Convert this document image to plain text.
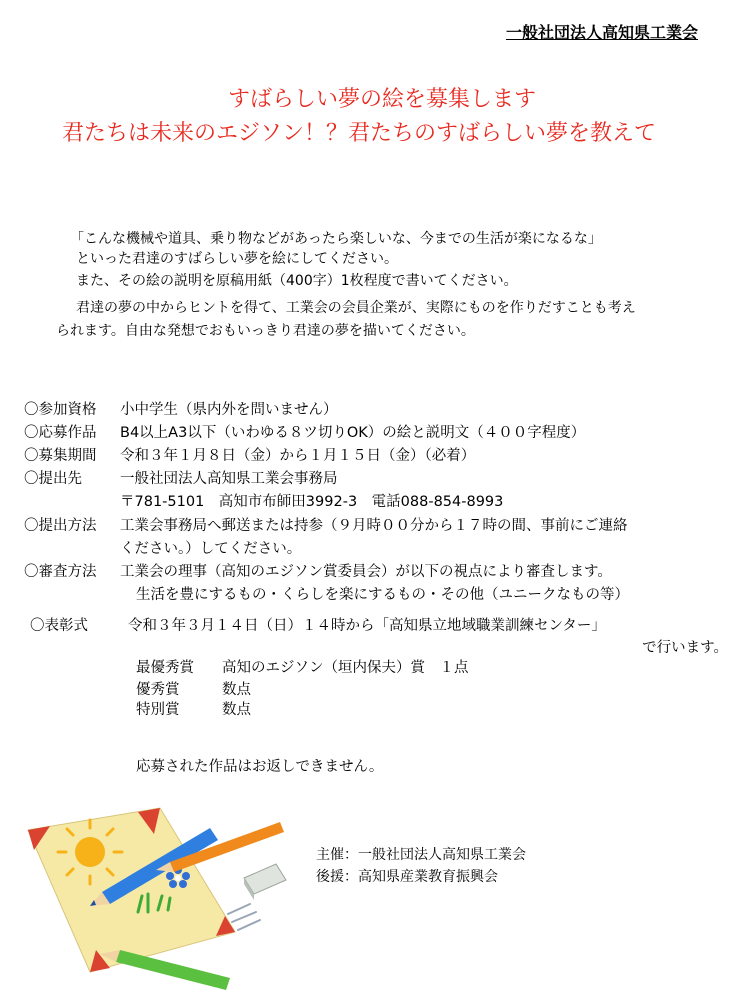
一般社団法人高知県工業会
すばらしい夢の絵を募集します
君たちは未来のエジソン！？君たちのすばらしい夢を教えて
「こんな機械や道具、乗り物などがあったら楽しいな、今までの生活が楽になるな」
といった君達のすばらしい夢を絵にしてください。
また、その絵の説明を原稿用紙（400字）1枚程度で書いてください。
君達の夢の中からヒントを得て、工業会の会員企業が、実際にものを作りだすことも考え
られます。自由な発想でおもいっきり君達の夢を描いてください。
〇参加資格 小中学生（県内外を問いません）
〇応募作品 B4以上A3以下（いわゆる８ツ切りOK）の絵と説明文（４００字程度）
〇募集期間 令和３年１月８日（金）から１月１５日（金）（必着）
〇提出先	一般社団法人高知県工業会事務局
〒781-5101　高知市布師田3992-3　電話088-854-8993
〇提出方法 工業会事務局へ郵送または持参（９月時００分から１７時の間、事前にご連絡
ください。）してください。
〇審査方法 工業会の理事（高知のエジソン賞委員会）が以下の視点により審査します。
生活を豊にするもの・くらしを楽にするもの・その他（ユニークなもの等）
〇表彰式	令和３年３月１４日（日）１４時から「高知県立地域職業訓練センター」
で行います。
最優秀賞 高知のエジソン（垣内保夫）賞　１点
優秀賞	数点
特別賞	数点
応募された作品はお返しできません。
主催：一般社団法人高知県工業会
後援：高知県産業教育振興会
